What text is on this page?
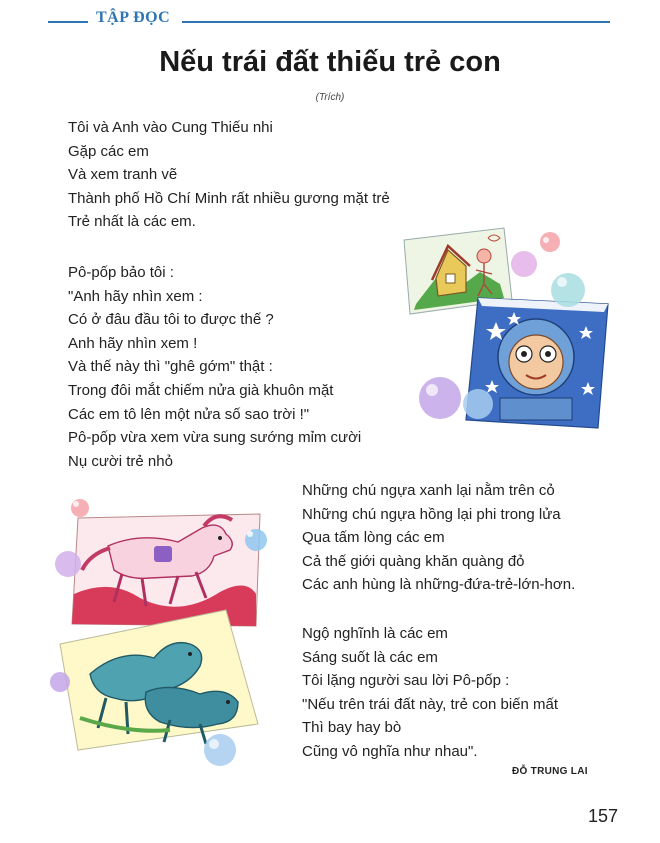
TẬP ĐỌC
Nếu trái đất thiếu trẻ con
(Trích)
Tôi và Anh vào Cung Thiếu nhi
Gặp các em
Và xem tranh vẽ
Thành phố Hồ Chí Minh rất nhiều gương mặt trẻ
Trẻ nhất là các em.
Pô-pốp bảo tôi :
"Anh hãy nhìn xem :
Có ở đâu đầu tôi to được thế ?
Anh hãy nhìn xem !
Và thế này thì "ghê gớm" thật :
Trong đôi mắt chiếm nửa già khuôn mặt
Các em tô lên một nửa số sao trời !"
Pô-pốp vừa xem vừa sung sướng mỉm cười
Nụ cười trẻ nhỏ
Những chú ngựa xanh lại nằm trên cỏ
Những chú ngựa hồng lại phi trong lửa
Qua tấm lòng các em
Cả thế giới quàng khăn quàng đỏ
Các anh hùng là những-đứa-trẻ-lớn-hơn.
Ngộ nghĩnh là các em
Sáng suốt là các em
Tôi lặng người sau lời Pô-pốp :
"Nếu trên trái đất này, trẻ con biến mất
Thì bay hay bò
Cũng vô nghĩa như nhau".
ĐỖ TRUNG LAI
157
